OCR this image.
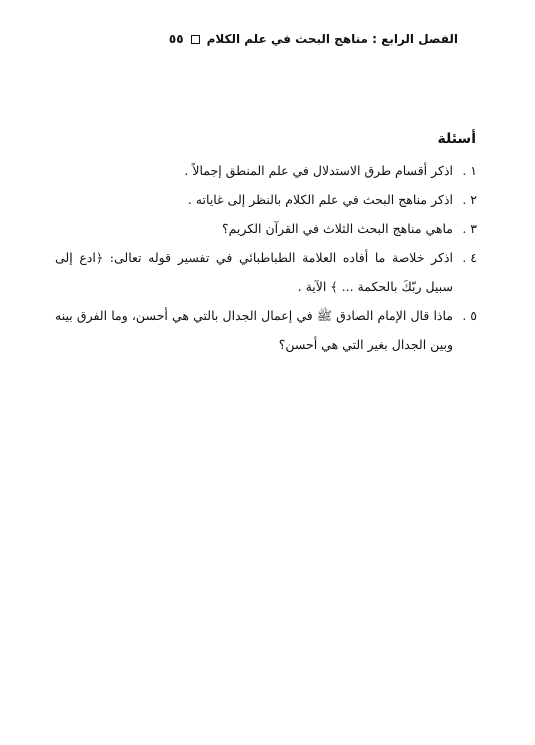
الفصل الرابع : مناهج البحث في علم الكلام
٥٥
أسئلة
١ .
اذكر أقسام طرق الاستدلال في علم المنطق إجمالاً .
٢ .
اذكر مناهج البحث في علم الكلام بالنظر إلى غاياته .
٣ .
ماهي مناهج البحث الثلاث في القرآن الكريم؟
٤ .
اذكر خلاصة ما أفاده العلامة الطباطبائي في تفسير قوله تعالى: ﴿ادع إلى سبيل ربّكَ بالحكمة ... ﴾ الآية .
٥ .
ماذا قال الإمام الصادق ﷺ في إعمال الجدال بالتي هي أحسن، وما الفرق بينه وبين الجدال بغير التي هي أحسن؟
